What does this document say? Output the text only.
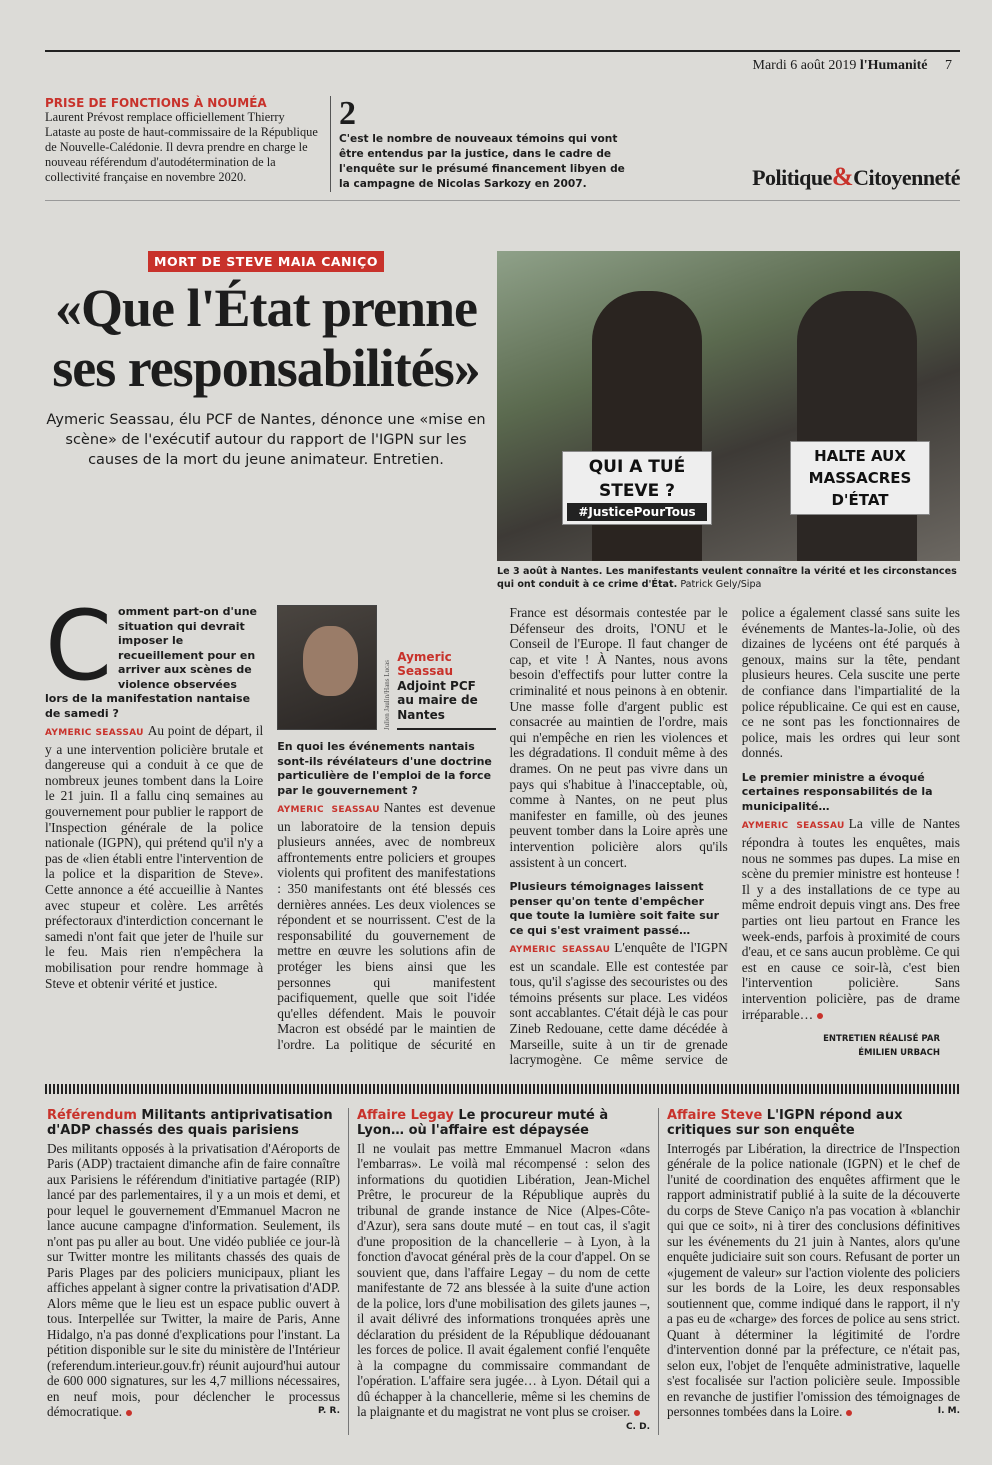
Mardi 6 août 2019 l'Humanité 7
PRISE DE FONCTIONS À NOUMÉA
Laurent Prévost remplace officiellement Thierry Lataste au poste de haut-commissaire de la République de Nouvelle-Calédonie. Il devra prendre en charge le nouveau référendum d'autodétermination de la collectivité française en novembre 2020.
2
C'est le nombre de nouveaux témoins qui vont être entendus par la justice, dans le cadre de l'enquête sur le présumé financement libyen de la campagne de Nicolas Sarkozy en 2007.	Politique&Citoyenneté
MORT DE STEVE MAIA CANIÇO
«Que l'État prenne ses responsabilités»

Aymeric Seassau, élu PCF de Nantes, dénonce une «mise en scène» de l'exécutif autour du rapport de l'IGPN sur les causes de la mort du jeune animateur. Entretien.	QUI A TUÉ STEVE ?
#JusticePourTous
HALTE AUX MASSACRES D'ÉTAT
Le 3 août à Nantes. Les manifestants veulent connaître la vérité et les circonstances qui ont conduit à ce crime d'État. Patrick Gely/Sipa
C omment part-on d'une situation qui devrait imposer le recueillement pour en arriver aux scènes de violence observées lors de la manifestation nantaise de samedi ?
AYMERIC SEASSAU Au point de départ, il y a une intervention policière brutale et dangereuse qui a conduit à ce que de nombreux jeunes tombent dans la Loire le 21 juin. Il a fallu cinq semaines au gouvernement pour publier le rapport de l'Inspection générale de la police nationale (IGPN), qui prétend qu'il n'y a pas de «lien établi entre l'intervention de la police et la disparition de Steve». Cette annonce a été accueillie à Nantes avec stupeur et colère. Les arrêtés préfectoraux d'interdiction concernant le samedi n'ont fait que jeter de l'huile sur le feu. Mais rien n'empêchera la mobilisation pour rendre hommage à Steve et obtenir vérité et justice.
Julien Jaulin/Hans Lucas
Aymeric Seassau
Adjoint PCF au maire de Nantes
En quoi les événements nantais sont-ils révélateurs d'une doctrine particulière de l'emploi de la force par le gouvernement ?
AYMERIC SEASSAU Nantes est devenue un laboratoire de la tension depuis plusieurs années, avec de nombreux affrontements entre policiers et groupes violents qui profitent des manifestations : 350 manifestants ont été blessés ces dernières années. Les deux violences se répondent et se nourrissent. C'est de la responsabilité du gouvernement de mettre en œuvre les solutions afin de protéger les biens ainsi que les personnes qui manifestent pacifiquement, quelle que soit l'idée qu'elles défendent. Mais le pouvoir Macron est obsédé par le maintien de l'ordre. La politique de sécurité en France est désormais contestée par le Défenseur des droits, l'ONU et le Conseil de l'Europe. Il faut changer de cap, et vite ! À Nantes, nous avons besoin d'effectifs pour lutter contre la criminalité et nous peinons à en obtenir. Une masse folle d'argent public est consacrée au maintien de l'ordre, mais qui n'empêche en rien les violences et les dégradations. Il conduit même à des drames. On ne peut pas vivre dans un pays qui s'habitue à l'inacceptable, où, comme à Nantes, on ne peut plus manifester en famille, où des jeunes peuvent tomber dans la Loire après une intervention policière alors qu'ils assistent à un concert.
Plusieurs témoignages laissent penser qu'on tente d'empêcher que toute la lumière soit faite sur ce qui s'est vraiment passé…
AYMERIC SEASSAU L'enquête de l'IGPN est un scandale. Elle est contestée par tous, qu'il s'agisse des secouristes ou des témoins présents sur place. Les vidéos sont accablantes. C'était déjà le cas pour Zineb Redouane, cette dame décédée à Marseille, suite à un tir de grenade lacrymogène. Ce même service de police a également classé sans suite les événements de Mantes-la-Jolie, où des dizaines de lycéens ont été parqués à genoux, mains sur la tête, pendant plusieurs heures. Cela suscite une perte de confiance dans l'impartialité de la police républicaine. Ce qui est en cause, ce ne sont pas les fonctionnaires de police, mais les ordres qui leur sont donnés.
Le premier ministre a évoqué certaines responsabilités de la municipalité…
AYMERIC SEASSAU La ville de Nantes répondra à toutes les enquêtes, mais nous ne sommes pas dupes. La mise en scène du premier ministre est honteuse ! Il y a des installations de ce type au même endroit depuis vingt ans. Des free parties ont lieu partout en France les week-ends, parfois à proximité de cours d'eau, et ce sans aucun problème. Ce qui est en cause ce soir-là, c'est bien l'intervention policière. Sans intervention policière, pas de drame irréparable…
ENTRETIEN RÉALISÉ PAR
ÉMILIEN URBACH
Référendum Militants antiprivatisation d'ADP chassés des quais parisiens
Des militants opposés à la privatisation d'Aéroports de Paris (ADP) tractaient dimanche afin de faire connaître aux Parisiens le référendum d'initiative partagée (RIP) lancé par des parlementaires, il y a un mois et demi, et pour lequel le gouvernement d'Emmanuel Macron ne lance aucune campagne d'information. Seulement, ils n'ont pas pu aller au bout. Une vidéo publiée ce jour-là sur Twitter montre les militants chassés des quais de Paris Plages par des policiers municipaux, pliant les affiches appelant à signer contre la privatisation d'ADP. Alors même que le lieu est un espace public ouvert à tous. Interpellée sur Twitter, la maire de Paris, Anne Hidalgo, n'a pas donné d'explications pour l'instant. La pétition disponible sur le site du ministère de l'Intérieur (referendum.interieur.gouv.fr) réunit aujourd'hui autour de 600 000 signatures, sur les 4,7 millions nécessaires, en neuf mois, pour déclencher le processus démocratique.	P. R.
Affaire Legay Le procureur muté à Lyon… où l'affaire est dépaysée
Il ne voulait pas mettre Emmanuel Macron «dans l'embarras». Le voilà mal récompensé : selon des informations du quotidien Libération, Jean-Michel Prêtre, le procureur de la République auprès du tribunal de grande instance de Nice (Alpes-Côte-d'Azur), sera sans doute muté – en tout cas, il s'agit d'une proposition de la chancellerie – à Lyon, à la fonction d'avocat général près de la cour d'appel. On se souvient que, dans l'affaire Legay – du nom de cette manifestante de 72 ans blessée à la suite d'une action de la police, lors d'une mobilisation des gilets jaunes –, il avait délivré des informations tronquées après une déclaration du président de la République dédouanant les forces de police. Il avait également confié l'enquête à la compagne du commissaire commandant de l'opération. L'affaire sera jugée… à Lyon. Détail qui a dû échapper à la chancellerie, même si les chemins de la plaignante et du magistrat ne vont plus se croiser.
C. D.
Affaire Steve L'IGPN répond aux critiques sur son enquête
Interrogés par Libération, la directrice de l'Inspection générale de la police nationale (IGPN) et le chef de l'unité de coordination des enquêtes affirment que le rapport administratif publié à la suite de la découverte du corps de Steve Caniço n'a pas vocation à «blanchir qui que ce soit», ni à tirer des conclusions définitives sur les événements du 21 juin à Nantes, alors qu'une enquête judiciaire suit son cours. Refusant de porter un «jugement de valeur» sur l'action violente des policiers sur les bords de la Loire, les deux responsables soutiennent que, comme indiqué dans le rapport, il n'y a pas eu de «charge» des forces de police au sens strict. Quant à déterminer la légitimité de l'ordre d'intervention donné par la préfecture, ce n'était pas, selon eux, l'objet de l'enquête administrative, laquelle s'est focalisée sur l'action policière seule. Impossible en revanche de justifier l'omission des témoignages de personnes tombées dans la Loire.	I. M.
